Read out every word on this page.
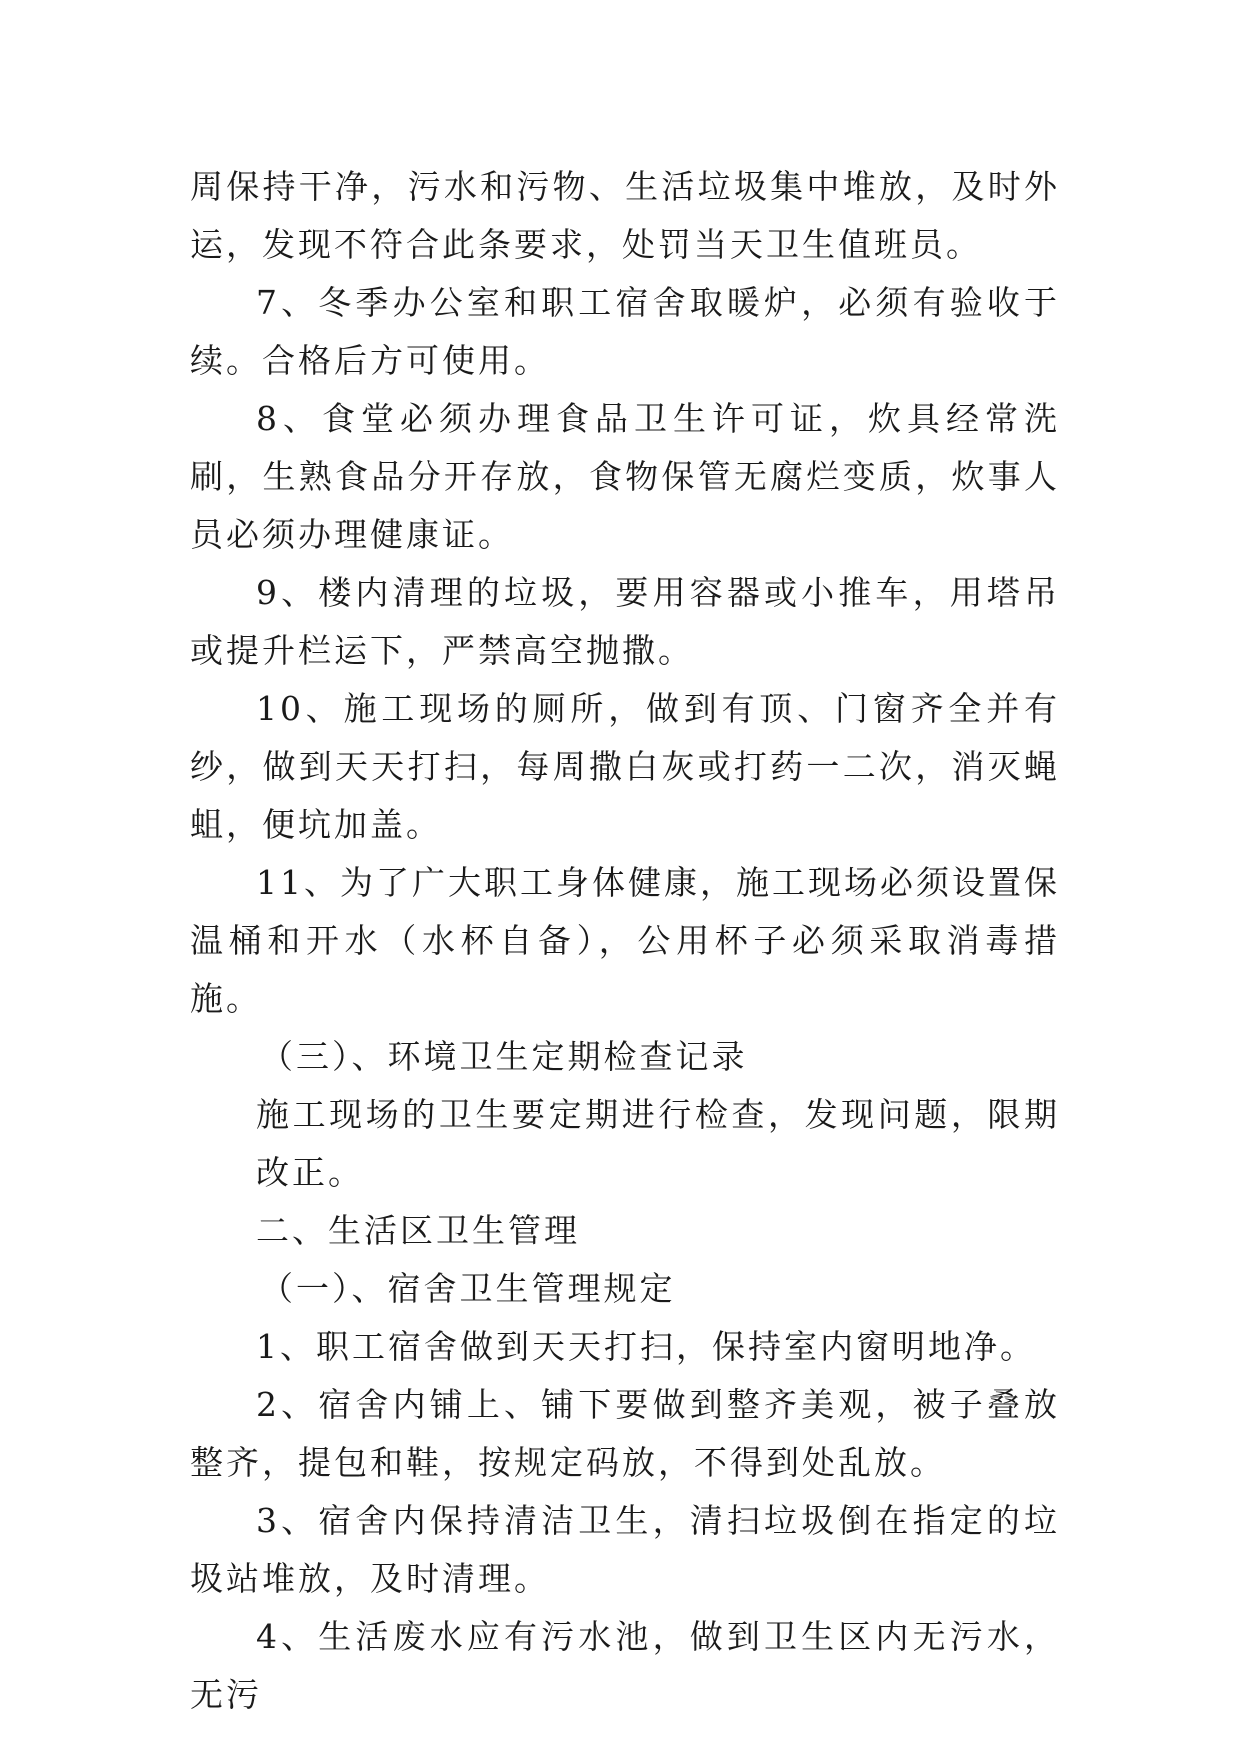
周保持干净，污水和污物、生活垃圾集中堆放，及时外运，发现不符合此条要求，处罚当天卫生值班员。

7、冬季办公室和职工宿舍取暖炉，必须有验收于续。合格后方可使用。

8、食堂必须办理食品卫生许可证，炊具经常洗刷，生熟食品分开存放，食物保管无腐烂变质，炊事人员必须办理健康证。

9、楼内清理的垃圾，要用容器或小推车，用塔吊或提升栏运下，严禁高空抛撒。

10、施工现场的厕所，做到有顶、门窗齐全并有纱，做到天天打扫，每周撒白灰或打药一二次，消灭蝇蛆，便坑加盖。

11、为了广大职工身体健康，施工现场必须设置保温桶和开水（水杯自备），公用杯子必须采取消毒措施。

（三）、环境卫生定期检查记录

施工现场的卫生要定期进行检查，发现问题，限期改正。

二、生活区卫生管理

（一）、宿舍卫生管理规定

1、职工宿舍做到天天打扫，保持室内窗明地净。

2、宿舍内铺上、铺下要做到整齐美观，被子叠放整齐，提包和鞋，按规定码放，不得到处乱放。

3、宿舍内保持清洁卫生，清扫垃圾倒在指定的垃圾站堆放，及时清理。

4、生活废水应有污水池，做到卫生区内无污水，无污
